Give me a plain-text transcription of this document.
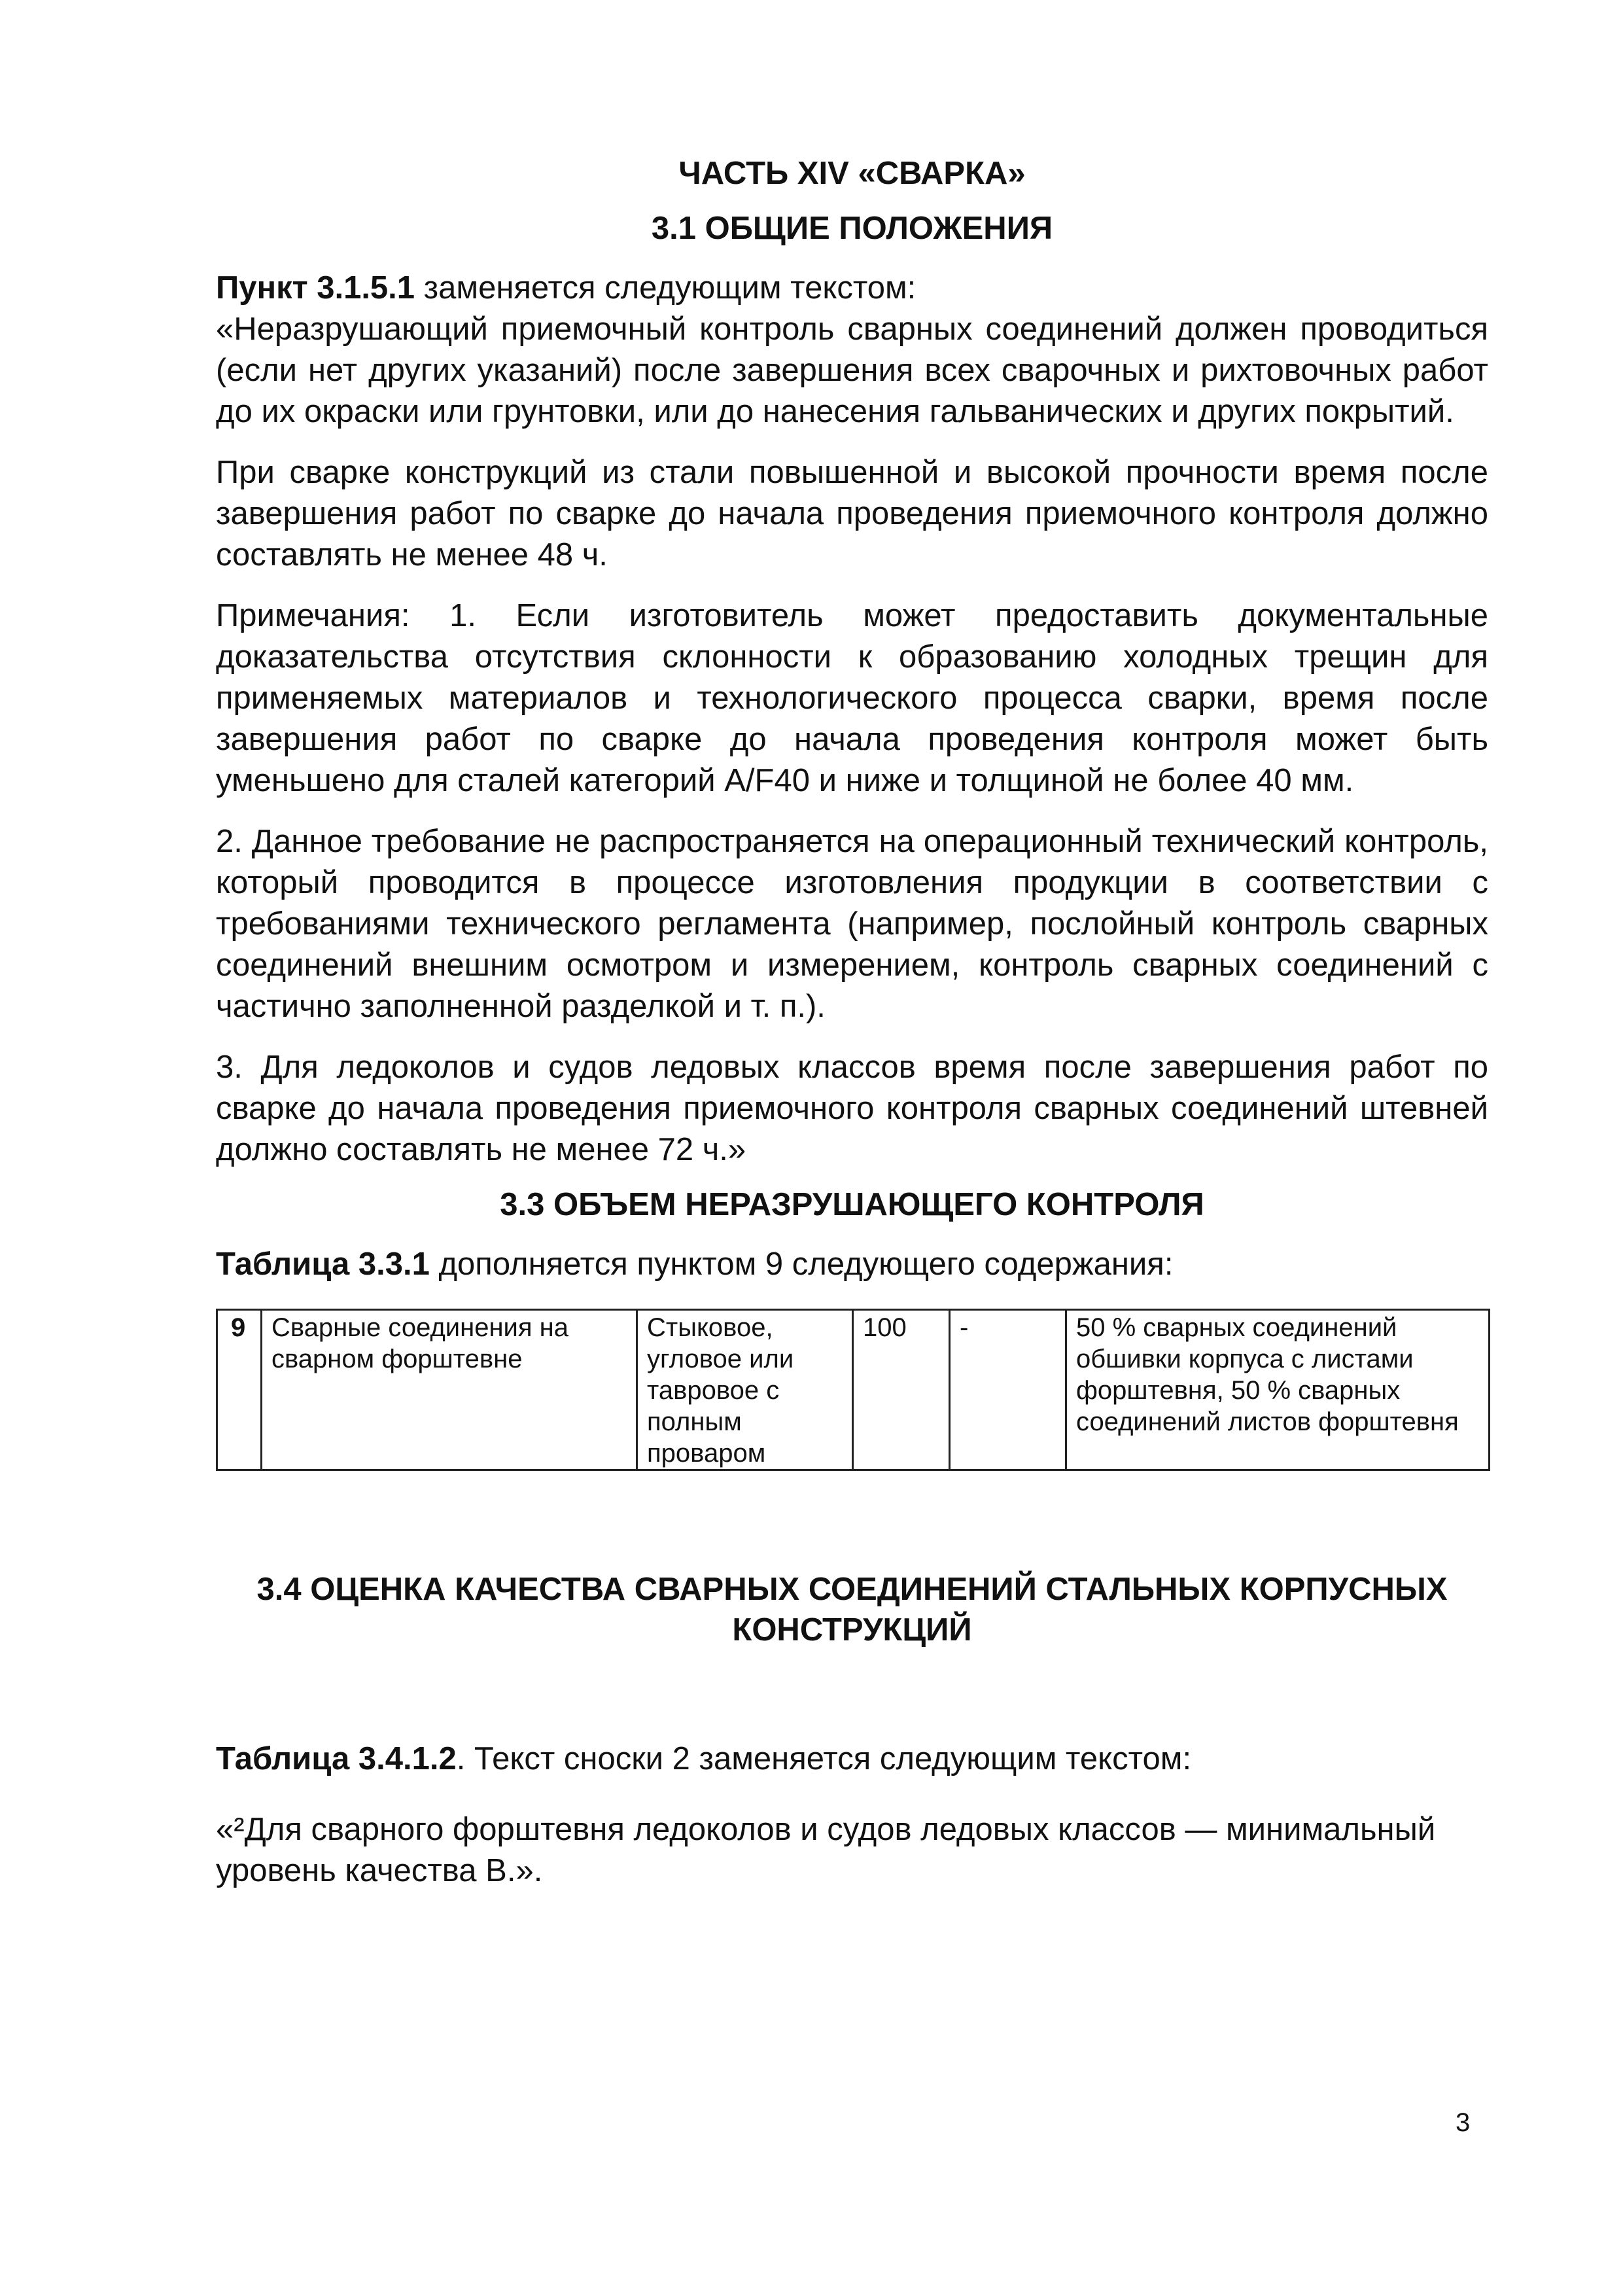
ЧАСТЬ XIV «СВАРКА»
3.1 ОБЩИЕ ПОЛОЖЕНИЯ

Пункт 3.1.5.1 заменяется следующим текстом:

«Неразрушающий приемочный контроль сварных соединений должен проводиться (если нет других указаний) после завершения всех сварочных и рихтовочных работ до их окраски или грунтовки, или до нанесения гальванических и других покрытий.

При сварке конструкций из стали повышенной и высокой прочности время после завершения работ по сварке до начала проведения приемочного контроля должно составлять не менее 48 ч.

Примечания: 1. Если изготовитель может предоставить документальные доказательства отсутствия склонности к образованию холодных трещин для применяемых материалов и технологического процесса сварки, время после завершения работ по сварке до начала проведения контроля может быть уменьшено для сталей категорий A/F40 и ниже и толщиной не более 40 мм.

2. Данное требование не распространяется на операционный технический контроль, который проводится в процессе изготовления продукции в соответствии с требованиями технического регламента (например, послойный контроль сварных соединений внешним осмотром и измерением, контроль сварных соединений с частично заполненной разделкой и т. п.).

3. Для ледоколов и судов ледовых классов время после завершения работ по сварке до начала проведения приемочного контроля сварных соединений штевней должно составлять не менее 72 ч.»

3.3 ОБЪЕМ НЕРАЗРУШАЮЩЕГО КОНТРОЛЯ

Таблица 3.3.1 дополняется пунктом 9 следующего содержания:

9	Сварные соединения на сварном форштевне	Стыковое, угловое или тавровое с полным проваром	100	-	50 % сварных соединений обшивки корпуса с листами форштевня, 50 % сварных соединений листов форштевня
3.4 ОЦЕНКА КАЧЕСТВА СВАРНЫХ СОЕДИНЕНИЙ СТАЛЬНЫХ КОРПУСНЫХ КОНСТРУКЦИЙ

Таблица 3.4.1.2. Текст сноски 2 заменяется следующим текстом:

«²Для сварного форштевня ледоколов и судов ледовых классов — минимальный уровень качества B.».

3
